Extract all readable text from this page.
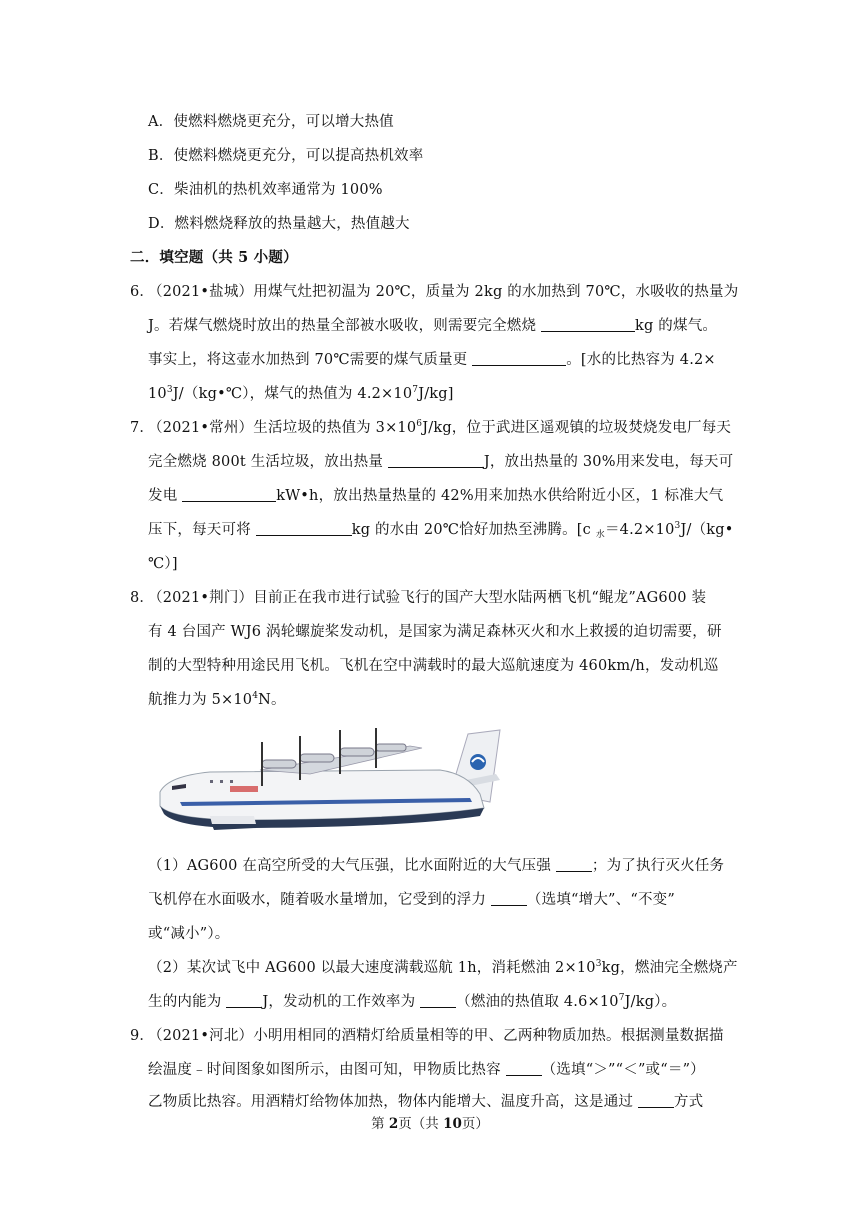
A．使燃料燃烧更充分，可以增大热值
B．使燃料燃烧更充分，可以提高热机效率
C．柴油机的热机效率通常为 100%
D．燃料燃烧释放的热量越大，热值越大
二．填空题（共 5 小题）
6．
（2021•盐城）用煤气灶把初温为 20℃，质量为 2kg 的水加热到 70℃，水吸收的热量为
J。若煤气燃烧时放出的热量全部被水吸收，则需要完全燃烧	kg 的煤气。
事实上，将这壶水加热到 70℃需要的煤气质量更	。[水的比热容为 4.2×
$10^3J/(kg•℃)$，煤气的热值为 $4.2\times 10^7J/kg$]
7．
（2021•常州）生活垃圾的热值为 $3\times 10^6J/kg$，位于武进区遥观镇的垃圾焚烧发电厂每天
完全燃烧 800t 生活垃圾，放出热量	J，放出热量的 30%用来发电，每天可
发电	kW•h，放出热量热量的 42%用来加热水供给附近小区，1 标准大气
压下，每天可将	kg 的水由 20℃恰好加热至沸腾。[c $_水=4.2\times 10^3J/(kg•$
℃）]
8．
（2021•荆门）目前正在我市进行试验飞行的国产大型水陆两栖飞机“鲲龙”AG600 装
有 4 台国产 WJ6 涡轮螺旋桨发动机，是国家为满足森林灭火和水上救援的迫切需要，研
制的大型特种用途民用飞机。飞机在空中满载时的最大巡航速度为 460km/h，发动机巡
航推力为 $5\times 10^4N$。
（1）AG600 在高空所受的大气压强，比水面附近的大气压强 ；为了执行灭火任务
飞机停在水面吸水，随着吸水量增加，它受到的浮力 （选填“增大”、“不变”
或“减小”）。
（2）某次试飞中 AG600 以最大速度满载巡航 1h，消耗燃油 $2\times 10^3kg$，燃油完全燃烧产
生的内能为 J，发动机的工作效率为 （燃油的热值取 $4.6\times 10^7J/kg$）。
9．
（2021•河北）小明用相同的酒精灯给质量相等的甲、乙两种物质加热。根据测量数据描
绘温度﹣时间图象如图所示，由图可知，甲物质比热容 （选填“＞”“＜”或“＝”）
乙物质比热容。用酒精灯给物体加热，物体内能增大、温度升高，这是通过 方式
第 2页（共 10页）
